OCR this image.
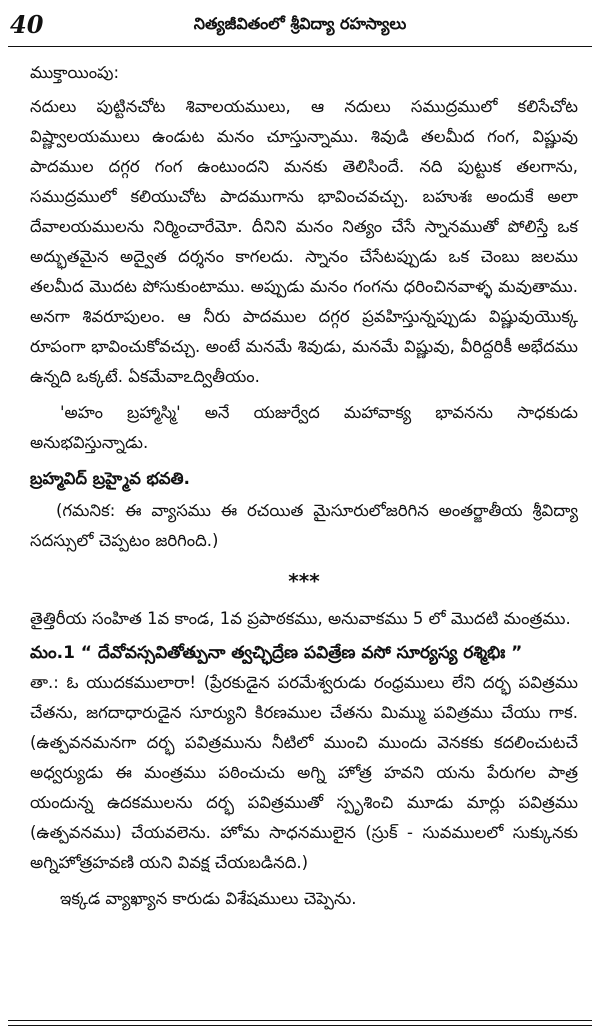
40	నిత్యజీవితంలో శ్రీవిద్యా రహస్యాలు

ముక్తాయింపు:

నదులు పుట్టినచోట శివాలయములు, ఆ నదులు సముద్రములో కలిసేచోట విష్ణ్వాలయములు ఉండుట మనం చూస్తున్నాము. శివుడి తలమీద గంగ, విష్ణువు పాదముల దగ్గర గంగ ఉంటుందని మనకు తెలిసిందే. నది పుట్టుక తలగాను, సముద్రములో కలియుచోట పాదముగాను భావించవచ్చు. బహుశః అందుకే అలా దేవాలయములను నిర్మించారేమో. దీనిని మనం నిత్యం చేసే స్నానముతో పోలిస్తే ఒక అద్భుతమైన అద్వైత దర్శనం కాగలదు. స్నానం చేసేటప్పుడు ఒక చెంబు జలము తలమీద మొదట పోసుకుంటాము. అప్పుడు మనం గంగను ధరించినవాళ్ళ మవుతాము. అనగా శివరూపులం. ఆ నీరు పాదముల దగ్గర ప్రవహిస్తున్నప్పుడు విష్ణువుయొక్క రూపంగా భావించుకోవచ్చు. అంటే మనమే శివుడు, మనమే విష్ణువు, వీరిద్దరికీ అభేదము ఉన్నది ఒక్కటే. ఏకమేవాఽద్వితీయం.

'అహం బ్రహ్మాస్మి' అనే యజుర్వేద మహావాక్య భావనను సాధకుడు అనుభవిస్తున్నాడు.

బ్రహ్మవిద్ బ్రహ్మైవ భవతి.

(గమనిక: ఈ వ్యాసము ఈ రచయిత మైసూరులోజరిగిన అంతర్జాతీయ శ్రీవిద్యా సదస్సులో చెప్పటం జరిగింది.)

***

తైత్తిరీయ సంహిత 1వ కాండ, 1వ ప్రపాఠకము, అనువాకము 5 లో మొదటి మంత్రము.

మం.1 “ దేవోవస్సవితోత్పునా త్వచ్ఛిద్రేణ పవిత్రేణ వసో సూర్యస్య రశ్మిభిః ”

తా.: ఓ యుదకములారా! (ప్రేరకుడైన పరమేశ్వరుడు రంధ్రములు లేని దర్భ పవిత్రము చేతను, జగదాధారుడైన సూర్యుని కిరణముల చేతను మిమ్ము పవిత్రము చేయు గాక. (ఉత్పవనమనగా దర్భ పవిత్రమును నీటిలో ముంచి ముందు వెనకకు కదలించుటచే అధ్వర్యుడు ఈ మంత్రము పఠించుచు అగ్ని హోత్ర హవని యను పేరుగల పాత్ర యందున్న ఉదకములను దర్భ పవిత్రముతో స్పృశించి మూడు మార్లు పవిత్రము (ఉత్పవనము) చేయవలెను. హోమ సాధనములైన (స్రుక్ - సువములలో సుక్కునకు అగ్నిహోత్రహవణి యని వివక్ష చేయబడినది.)

ఇక్కడ వ్యాఖ్యాన కారుడు విశేషములు చెప్పెను.
